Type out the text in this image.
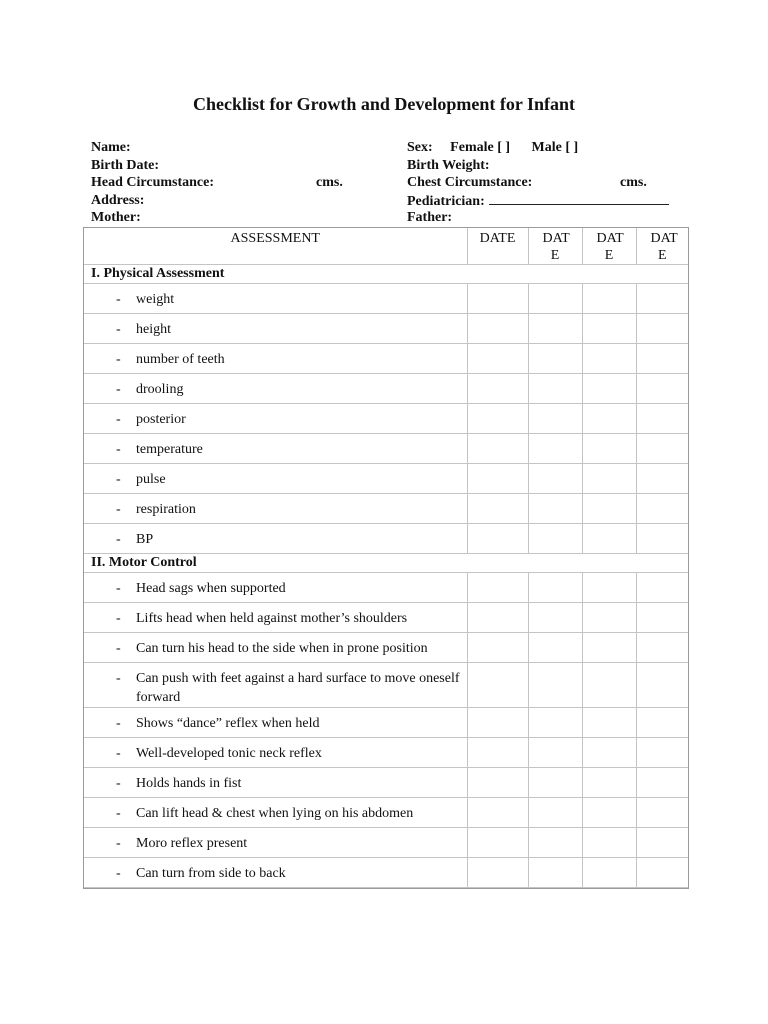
Checklist for Growth and Development for Infant
Name:
Birth Date:
Head Circumstance:	cms.
Address:
Mother:
Sex: Female [ ] Male [ ]
Birth Weight:
Chest Circumstance:	cms.
Pediatrician:
Father:
ASSESSMENT	DATE	DAT E	DAT E	DAT E
I. Physical Assessment				

- weight				

- height				

- number of teeth				

- drooling				

- posterior				

- temperature				

- pulse				

- respiration				

- BP				

II. Motor Control				

- Head sags when supported				

- Lifts head when held against mother’s shoulders				

- Can turn his head to the side when in prone position				

- Can push with feet against a hard surface to move oneself forward				

- Shows “dance” reflex when held				

- Well-developed tonic neck reflex				

- Holds hands in fist				

- Can lift head & chest when lying on his abdomen				

- Moro reflex present				

- Can turn from side to back				
